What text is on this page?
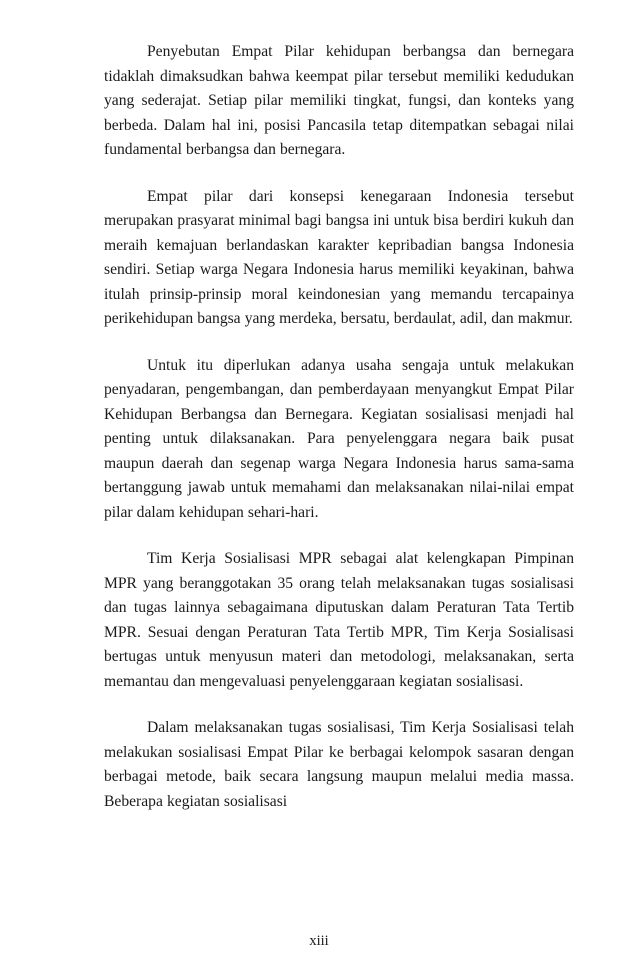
Penyebutan Empat Pilar kehidupan berbangsa dan bernegara tidaklah dimaksudkan bahwa keempat pilar tersebut memiliki kedudukan yang sederajat. Setiap pilar memiliki tingkat, fungsi, dan konteks yang berbeda. Dalam hal ini, posisi Pancasila tetap ditempatkan sebagai nilai fundamental berbangsa dan bernegara.

Empat pilar dari konsepsi kenegaraan Indonesia tersebut merupakan prasyarat minimal bagi bangsa ini untuk bisa berdiri kukuh dan meraih kemajuan berlandaskan karakter kepribadian bangsa Indonesia sendiri. Setiap warga Negara Indonesia harus memiliki keyakinan, bahwa itulah prinsip-prinsip moral keindonesian yang memandu tercapainya perikehidupan bangsa yang merdeka, bersatu, berdaulat, adil, dan makmur.

Untuk itu diperlukan adanya usaha sengaja untuk melakukan penyadaran, pengembangan, dan pemberdayaan menyangkut Empat Pilar Kehidupan Berbangsa dan Bernegara. Kegiatan sosialisasi menjadi hal penting untuk dilaksanakan. Para penyelenggara negara baik pusat maupun daerah dan segenap warga Negara Indonesia harus sama-sama bertanggung jawab untuk memahami dan melaksanakan nilai-nilai empat pilar dalam kehidupan sehari-hari.

Tim Kerja Sosialisasi MPR sebagai alat kelengkapan Pimpinan MPR yang beranggotakan 35 orang telah melaksanakan tugas sosialisasi dan tugas lainnya sebagaimana diputuskan dalam Peraturan Tata Tertib MPR. Sesuai dengan Peraturan Tata Tertib MPR, Tim Kerja Sosialisasi bertugas untuk menyusun materi dan metodologi, melaksanakan, serta memantau dan mengevaluasi penyelenggaraan kegiatan sosialisasi.

Dalam melaksanakan tugas sosialisasi, Tim Kerja Sosialisasi telah melakukan sosialisasi Empat Pilar ke berbagai kelompok sasaran dengan berbagai metode, baik secara langsung maupun melalui media massa. Beberapa kegiatan sosialisasi

xiii
